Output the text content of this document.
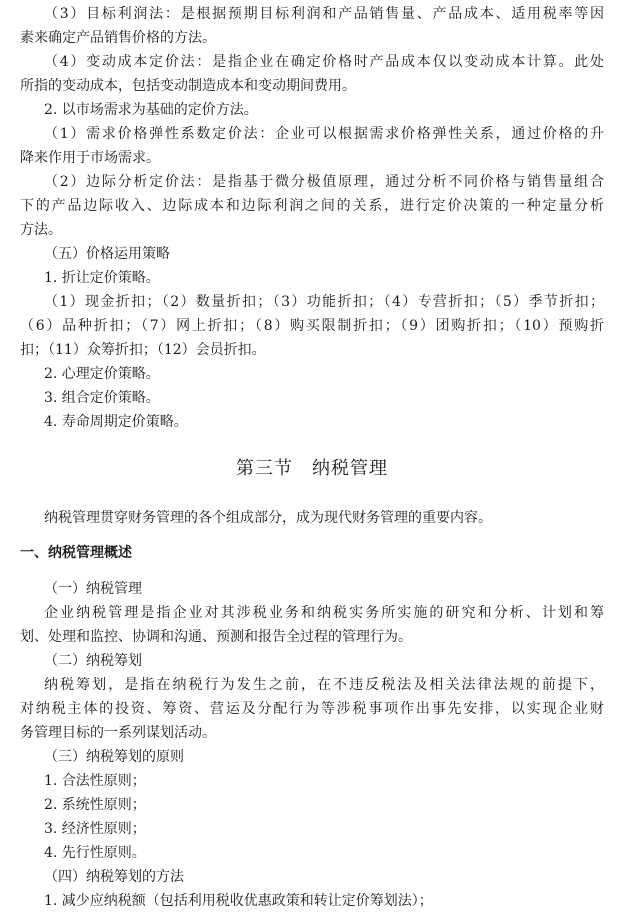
（3）目标利润法：是根据预期目标利润和产品销售量、产品成本、适用税率等因
素来确定产品销售价格的方法。
（4）变动成本定价法：是指企业在确定价格时产品成本仅以变动成本计算。此处
所指的变动成本，包括变动制造成本和变动期间费用。
2. 以市场需求为基础的定价方法。
（1）需求价格弹性系数定价法：企业可以根据需求价格弹性关系，通过价格的升
降来作用于市场需求。
（2）边际分析定价法：是指基于微分极值原理，通过分析不同价格与销售量组合
下的产品边际收入、边际成本和边际利润之间的关系，进行定价决策的一种定量分析
方法。
（五）价格运用策略
1. 折让定价策略。
（1）现金折扣；（2）数量折扣；（3）功能折扣；（4）专营折扣；（5）季节折扣；
（6）品种折扣；（7）网上折扣；（8）购买限制折扣；（9）团购折扣；（10）预购折
扣；（11）众筹折扣；（12）会员折扣。
2. 心理定价策略。
3. 组合定价策略。
4. 寿命周期定价策略。
第三节　纳税管理
纳税管理贯穿财务管理的各个组成部分，成为现代财务管理的重要内容。
一、纳税管理概述
（一）纳税管理
企业纳税管理是指企业对其涉税业务和纳税实务所实施的研究和分析、计划和筹
划、处理和监控、协调和沟通、预测和报告全过程的管理行为。
（二）纳税筹划
纳税筹划，是指在纳税行为发生之前，在不违反税法及相关法律法规的前提下，
对纳税主体的投资、筹资、营运及分配行为等涉税事项作出事先安排，以实现企业财
务管理目标的一系列谋划活动。
（三）纳税筹划的原则
1. 合法性原则；
2. 系统性原则；
3. 经济性原则；
4. 先行性原则。
（四）纳税筹划的方法
1. 减少应纳税额（包括利用税收优惠政策和转让定价筹划法）；
